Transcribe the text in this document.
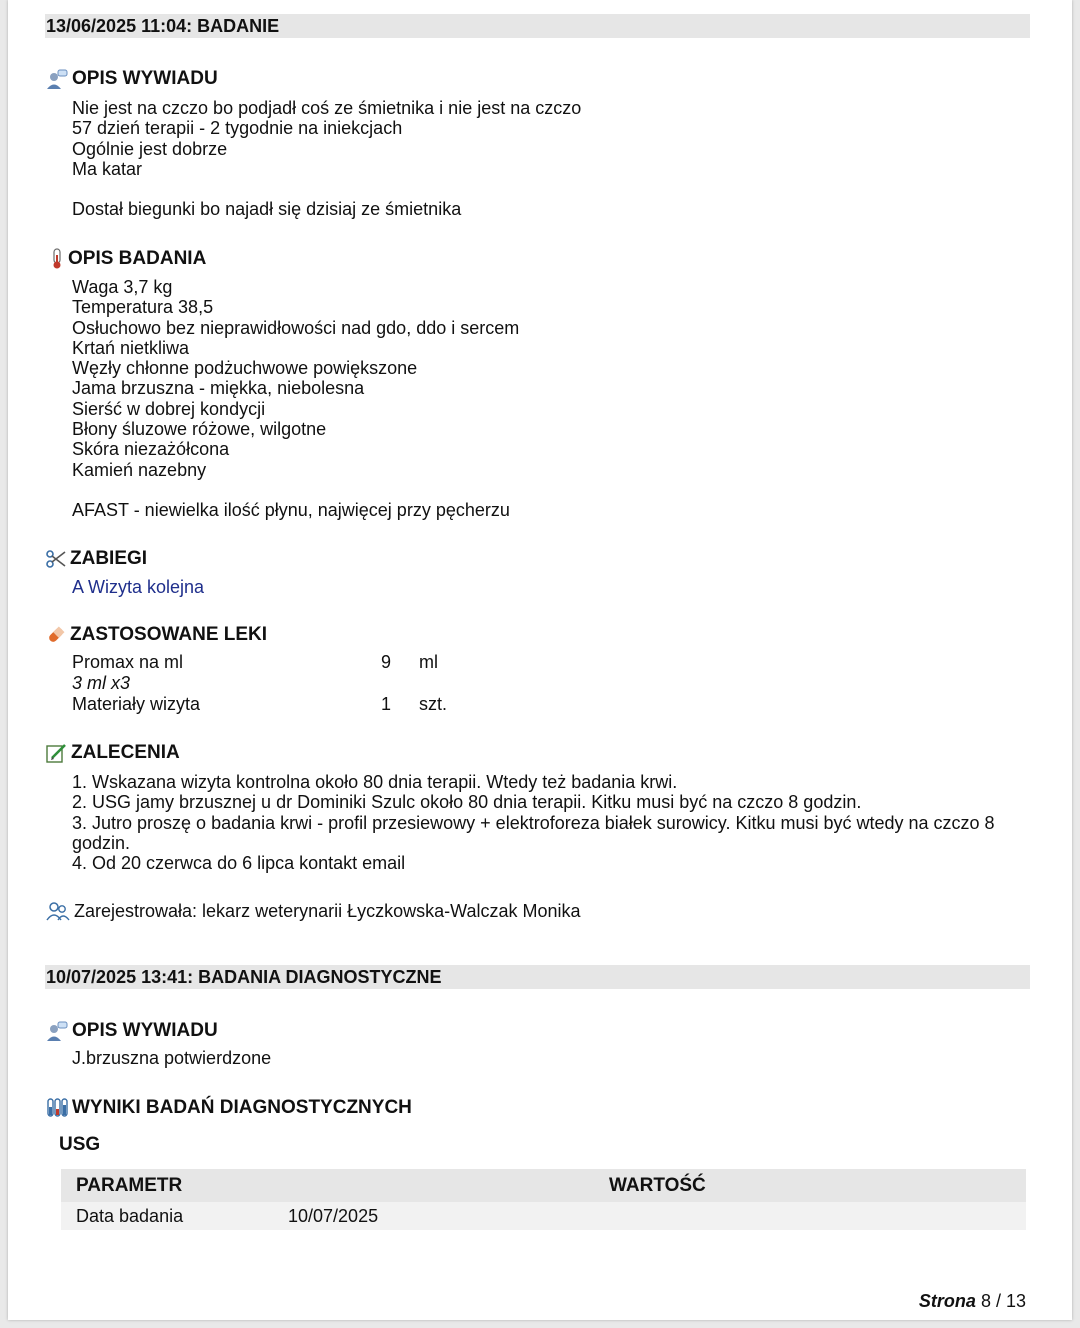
13/06/2025 11:04: BADANIE
OPIS WYWIADU
Nie jest na czczo bo podjadł coś ze śmietnika i nie jest na czczo
57 dzień terapii - 2 tygodnie na iniekcjach
Ogólnie jest dobrze
Ma katar
Dostał biegunki bo najadł się dzisiaj ze śmietnika
OPIS BADANIA
Waga 3,7 kg
Temperatura 38,5
Osłuchowo bez nieprawidłowości nad gdo, ddo i sercem
Krtań nietkliwa
Węzły chłonne podżuchwowe powiększone
Jama brzuszna - miękka, niebolesna
Sierść w dobrej kondycji
Błony śluzowe różowe, wilgotne
Skóra niezażółcona
Kamień nazebny
AFAST - niewielka ilość płynu, najwięcej przy pęcherzu
ZABIEGI
A Wizyta kolejna
ZASTOSOWANE LEKI
Promax na ml	9 ml
3 ml x3
Materiały wizyta	1 szt.
ZALECENIA
1. Wskazana wizyta kontrolna około 80 dnia terapii. Wtedy też badania krwi.
2. USG jamy brzusznej u dr Dominiki Szulc około 80 dnia terapii. Kitku musi być na czczo 8 godzin.
3. Jutro proszę o badania krwi - profil przesiewowy + elektroforeza białek surowicy. Kitku musi być wtedy na czczo 8
godzin.
4. Od 20 czerwca do 6 lipca kontakt email
Zarejestrowała: lekarz weterynarii Łyczkowska-Walczak Monika
10/07/2025 13:41: BADANIA DIAGNOSTYCZNE
OPIS WYWIADU
J.brzuszna potwierdzone
WYNIKI BADAŃ DIAGNOSTYCZNYCH
USG
PARAMETR	WARTOŚĆ
Data badania	10/07/2025
Strona 8 / 13
